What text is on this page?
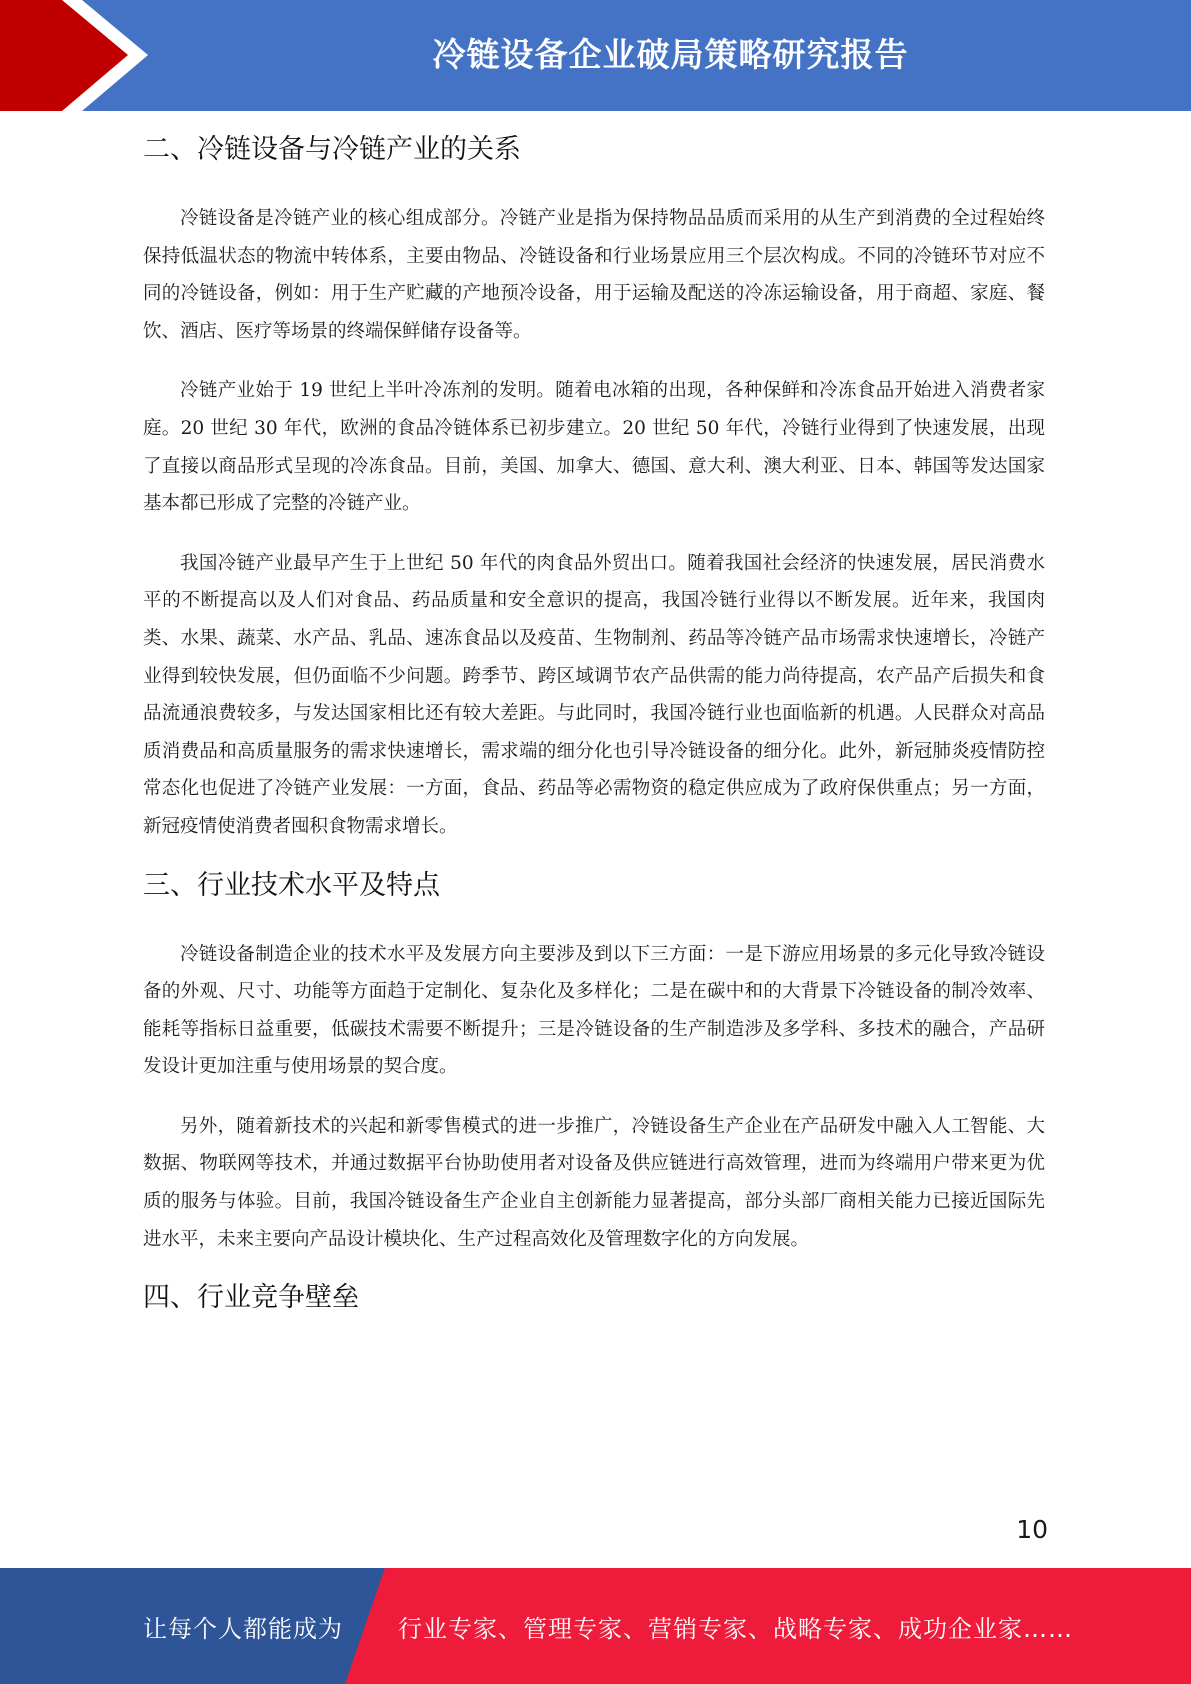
冷链设备企业破局策略研究报告
二、冷链设备与冷链产业的关系

冷链设备是冷链产业的核心组成部分。冷链产业是指为保持物品品质而采用的从生产到消费的全过程始终保持低温状态的物流中转体系，主要由物品、冷链设备和行业场景应用三个层次构成。不同的冷链环节对应不同的冷链设备，例如：用于生产贮藏的产地预冷设备，用于运输及配送的冷冻运输设备，用于商超、家庭、餐饮、酒店、医疗等场景的终端保鲜储存设备等。

冷链产业始于 19 世纪上半叶冷冻剂的发明。随着电冰箱的出现，各种保鲜和冷冻食品开始进入消费者家庭。20 世纪 30 年代，欧洲的食品冷链体系已初步建立。20 世纪 50 年代，冷链行业得到了快速发展，出现了直接以商品形式呈现的冷冻食品。目前，美国、加拿大、德国、意大利、澳大利亚、日本、韩国等发达国家基本都已形成了完整的冷链产业。

我国冷链产业最早产生于上世纪 50 年代的肉食品外贸出口。随着我国社会经济的快速发展，居民消费水平的不断提高以及人们对食品、药品质量和安全意识的提高，我国冷链行业得以不断发展。近年来，我国肉类、水果、蔬菜、水产品、乳品、速冻食品以及疫苗、生物制剂、药品等冷链产品市场需求快速增长，冷链产业得到较快发展，但仍面临不少问题。跨季节、跨区域调节农产品供需的能力尚待提高，农产品产后损失和食品流通浪费较多，与发达国家相比还有较大差距。与此同时，我国冷链行业也面临新的机遇。人民群众对高品质消费品和高质量服务的需求快速增长，需求端的细分化也引导冷链设备的细分化。此外，新冠肺炎疫情防控常态化也促进了冷链产业发展：一方面，食品、药品等必需物资的稳定供应成为了政府保供重点；另一方面，新冠疫情使消费者囤积食物需求增长。

三、行业技术水平及特点

冷链设备制造企业的技术水平及发展方向主要涉及到以下三方面：一是下游应用场景的多元化导致冷链设备的外观、尺寸、功能等方面趋于定制化、复杂化及多样化；二是在碳中和的大背景下冷链设备的制冷效率、能耗等指标日益重要，低碳技术需要不断提升；三是冷链设备的生产制造涉及多学科、多技术的融合，产品研发设计更加注重与使用场景的契合度。

另外，随着新技术的兴起和新零售模式的进一步推广，冷链设备生产企业在产品研发中融入人工智能、大数据、物联网等技术，并通过数据平台协助使用者对设备及供应链进行高效管理，进而为终端用户带来更为优质的服务与体验。目前，我国冷链设备生产企业自主创新能力显著提高，部分头部厂商相关能力已接近国际先进水平，未来主要向产品设计模块化、生产过程高效化及管理数字化的方向发展。

四、行业竞争壁垒
10
让每个人都能成为 行业专家、管理专家、营销专家、战略专家、成功企业家……
